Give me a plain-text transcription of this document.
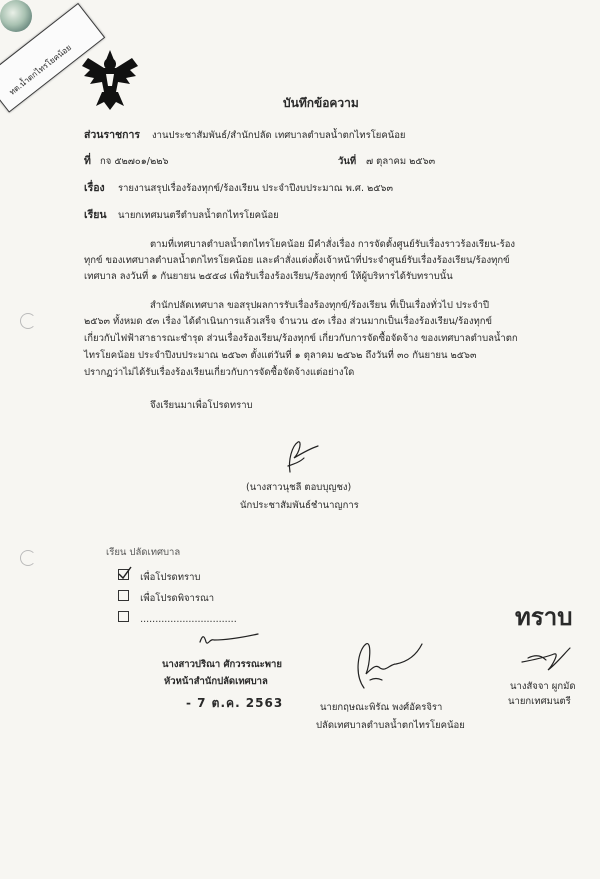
ทต.น้ำตกไทรโยคน้อย
บันทึกข้อความ
ส่วนราชการ งานประชาสัมพันธ์/สำนักปลัด เทศบาลตำบลน้ำตกไทรโยคน้อย
ที่ กจ ๕๒๗๐๑/๒๒๖	วันที่ ๗ ตุลาคม ๒๕๖๓
เรื่อง รายงานสรุปเรื่องร้องทุกข์/ร้องเรียน ประจำปีงบประมาณ พ.ศ. ๒๕๖๓
เรียน นายกเทศมนตรีตำบลน้ำตกไทรโยคน้อย
ตามที่เทศบาลตำบลน้ำตกไทรโยคน้อย มีคำสั่งเรื่อง การจัดตั้งศูนย์รับเรื่องราวร้องเรียน-ร้อง
ทุกข์ ของเทศบาลตำบลน้ำตกไทรโยคน้อย และคำสั่งแต่งตั้งเจ้าหน้าที่ประจำศูนย์รับเรื่องร้องเรียน/ร้องทุกข์
เทศบาล ลงวันที่ ๑ กันยายน ๒๕๕๘ เพื่อรับเรื่องร้องเรียน/ร้องทุกข์ ให้ผู้บริหารได้รับทราบนั้น
สำนักปลัดเทศบาล ขอสรุปผลการรับเรื่องร้องทุกข์/ร้องเรียน ที่เป็นเรื่องทั่วไป ประจำปี
๒๕๖๓ ทั้งหมด ๕๓ เรื่อง ได้ดำเนินการแล้วเสร็จ จำนวน ๕๓ เรื่อง ส่วนมากเป็นเรื่องร้องเรียน/ร้องทุกข์
เกี่ยวกับไฟฟ้าสาธารณะชำรุด ส่วนเรื่องร้องเรียน/ร้องทุกข์ เกี่ยวกับการจัดซื้อจัดจ้าง ของเทศบาลตำบลน้ำตก
ไทรโยคน้อย ประจำปีงบประมาณ ๒๕๖๓ ตั้งแต่วันที่ ๑ ตุลาคม ๒๕๖๒ ถึงวันที่ ๓๐ กันยายน ๒๕๖๓
ปรากฏว่าไม่ได้รับเรื่องร้องเรียนเกี่ยวกับการจัดซื้อจัดจ้างแต่อย่างใด
จึงเรียนมาเพื่อโปรดทราบ
(นางสาวนุชลี ตอบบุญชง)
นักประชาสัมพันธ์ชำนาญการ
เรียน ปลัดเทศบาล
เพื่อโปรดทราบ
เพื่อโปรดพิจารณา
................................
นางสาวปริณา ศักวรรณะพาย
หัวหน้าสำนักปลัดเทศบาล
- 7 ต.ค. 2563	นายกฤษณะพิรัณ พงศ์อัครจิรา
ปลัดเทศบาลตำบลน้ำตกไทรโยคน้อย
ทราบ
นางสัจจา ผูกมัด
นายกเทศมนตรี
